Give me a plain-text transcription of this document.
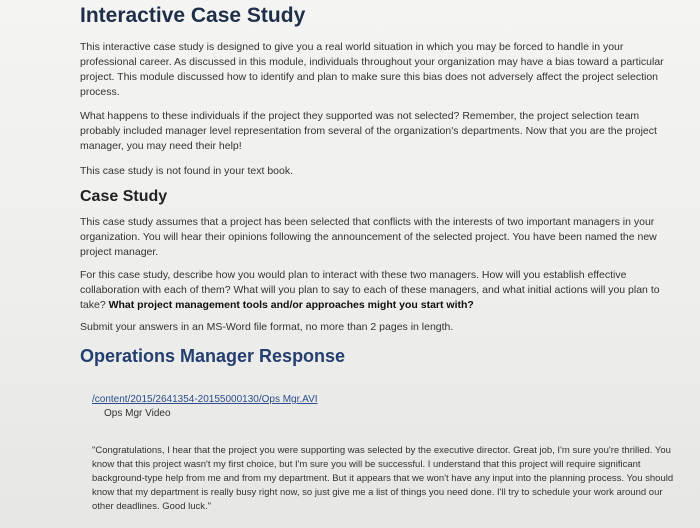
Interactive Case Study

This interactive case study is designed to give you a real world situation in which you may be forced to handle in your professional career. As discussed in this module, individuals throughout your organization may have a bias toward a particular project. This module discussed how to identify and plan to make sure this bias does not adversely affect the project selection process.

What happens to these individuals if the project they supported was not selected? Remember, the project selection team probably included manager level representation from several of the organization's departments. Now that you are the project manager, you may need their help!

This case study is not found in your text book.

Case Study

This case study assumes that a project has been selected that conflicts with the interests of two important managers in your organization. You will hear their opinions following the announcement of the selected project. You have been named the new project manager.

For this case study, describe how you would plan to interact with these two managers. How will you establish effective collaboration with each of them? What will you plan to say to each of these managers, and what initial actions will you plan to take? What project management tools and/or approaches might you start with?

Submit your answers in an MS-Word file format, no more than 2 pages in length.

Operations Manager Response
/content/2015/2641354-20155000130/Ops Mgr.AVI
Ops Mgr Video

"Congratulations, I hear that the project you were supporting was selected by the executive director. Great job, I'm sure you're thrilled. You know that this project wasn't my first choice, but I'm sure you will be successful. I understand that this project will require significant background-type help from me and from my department. But it appears that we won't have any input into the planning process. You should know that my department is really busy right now, so just give me a list of things you need done. I'll try to schedule your work around our other deadlines. Good luck."
